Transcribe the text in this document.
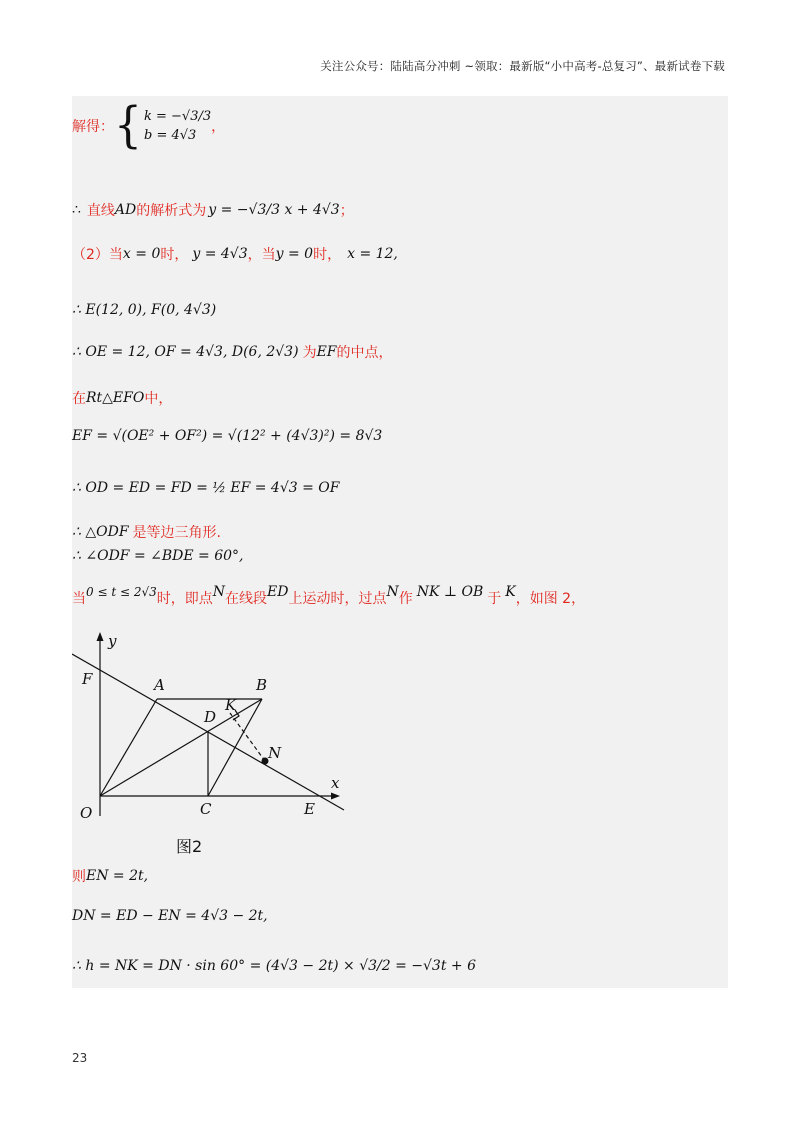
关注公众号：陆陆高分冲刺 ~领取：最新版“小中高考-总复习”、最新试卷下载
解得： { k = −√3/3
b = 4√3
，
∴ 直线 AD 的解析式为 y = −√3/3 x + 4√3 ；
（2）当 x = 0 时， y = 4√3 ，当 y = 0 时， x = 12,
∴ E(12, 0), F(0, 4√3)
∴ OE = 12, OF = 4√3, D(6, 2√3) 为 EF 的中点，
在 Rt△EFO 中，
EF = √(OE² + OF²) = √(12² + (4√3)²) = 8√3
∴ OD = ED = FD = ½ EF = 4√3 = OF
∴ △ODF 是等边三角形.
∴ ∠ODF = ∠BDE = 60°,
当 0 ≤ t ≤ 2√3 时，即点 N 在线段 ED 上运动时，过点 N 作 NK ⊥ OB 于 K ，如图 2，
y
F	A	B
D
K
N
x
O	C	E
图2
则 EN = 2t,
DN = ED − EN = 4√3 − 2t,
∴ h = NK = DN · sin 60° = (4√3 − 2t) × √3/2 = −√3t + 6
23
